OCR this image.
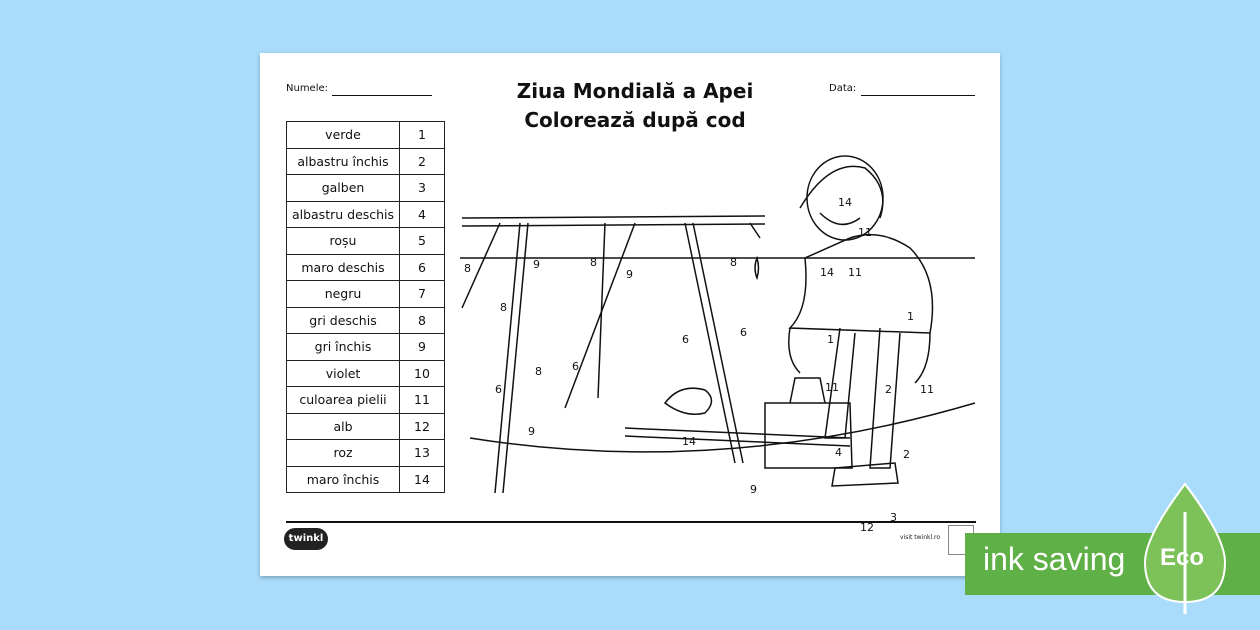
Numele:	Data:
Ziua Mondială a Apei
Colorează după cod
verde	1
albastru închis	2
galben	3
albastru deschis	4
roșu	5
maro deschis	6
negru	7
gri deschis	8
gri închis	9
violet	10
culoarea pielii	11
alb	12
roz	13
maro închis	14
14
11
11
14
1
1
11	11
2
2
12
3
4
14
6
6
6
6
8	9	8
9
8
8
8
9
9
twinkl	visit twinkl.ro
ink saving Eco
